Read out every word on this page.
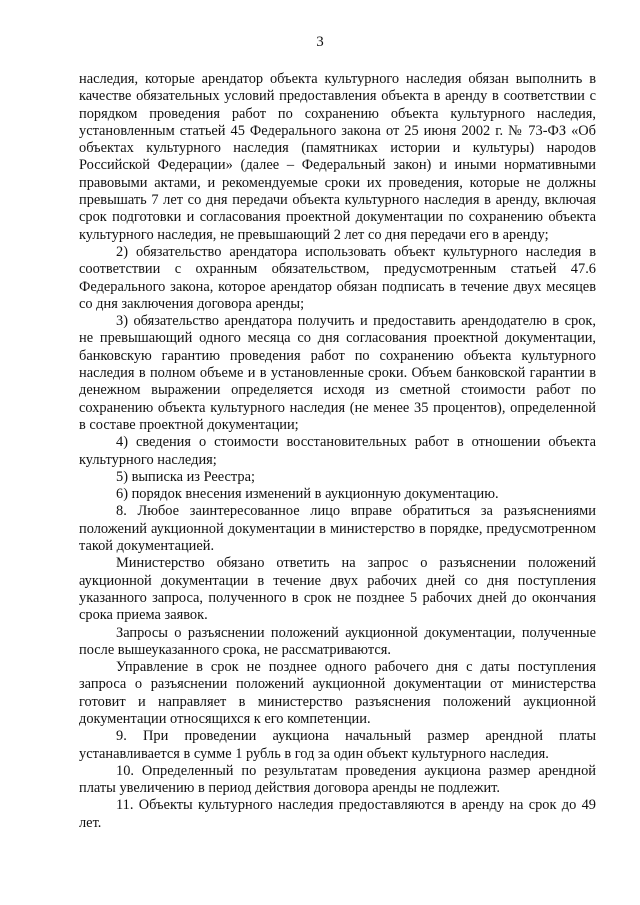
3

наследия, которые арендатор объекта культурного наследия обязан выполнить в качестве обязательных условий предоставления объекта в аренду в соответствии с порядком проведения работ по сохранению объекта культурного наследия, установленным статьей 45 Федерального закона от 25 июня 2002 г. № 73-ФЗ «Об объектах культурного наследия (памятниках истории и культуры) народов Российской Федерации» (далее – Федеральный закон) и иными нормативными правовыми актами, и рекомендуемые сроки их проведения, которые не должны превышать 7 лет со дня передачи объекта культурного наследия в аренду, включая срок подготовки и согласования проектной документации по сохранению объекта культурного наследия, не превышающий 2 лет со дня передачи его в аренду;

2) обязательство арендатора использовать объект культурного наследия в соответствии с охранным обязательством, предусмотренным статьей 47.6 Федерального закона, которое арендатор обязан подписать в течение двух месяцев со дня заключения договора аренды;

3) обязательство арендатора получить и предоставить арендодателю в срок, не превышающий одного месяца со дня согласования проектной документации, банковскую гарантию проведения работ по сохранению объекта культурного наследия в полном объеме и в установленные сроки. Объем банковской гарантии в денежном выражении определяется исходя из сметной стоимости работ по сохранению объекта культурного наследия (не менее 35 процентов), определенной в составе проектной документации;

4) сведения о стоимости восстановительных работ в отношении объекта культурного наследия;

5) выписка из Реестра;

6) порядок внесения изменений в аукционную документацию.

8. Любое заинтересованное лицо вправе обратиться за разъяснениями положений аукционной документации в министерство в порядке, предусмотренном такой документацией.

Министерство обязано ответить на запрос о разъяснении положений аукционной документации в течение двух рабочих дней со дня поступления указанного запроса, полученного в срок не позднее 5 рабочих дней до окончания срока приема заявок.

Запросы о разъяснении положений аукционной документации, полученные после вышеуказанного срока, не рассматриваются.

Управление в срок не позднее одного рабочего дня с даты поступления запроса о разъяснении положений аукционной документации от министерства готовит и направляет в министерство разъяснения положений аукционной документации относящихся к его компетенции.

9. При проведении аукциона начальный размер арендной платы устанавливается в сумме 1 рубль в год за один объект культурного наследия.

10. Определенный по результатам проведения аукциона размер арендной платы увеличению в период действия договора аренды не подлежит.

11. Объекты культурного наследия предоставляются в аренду на срок до 49 лет.
